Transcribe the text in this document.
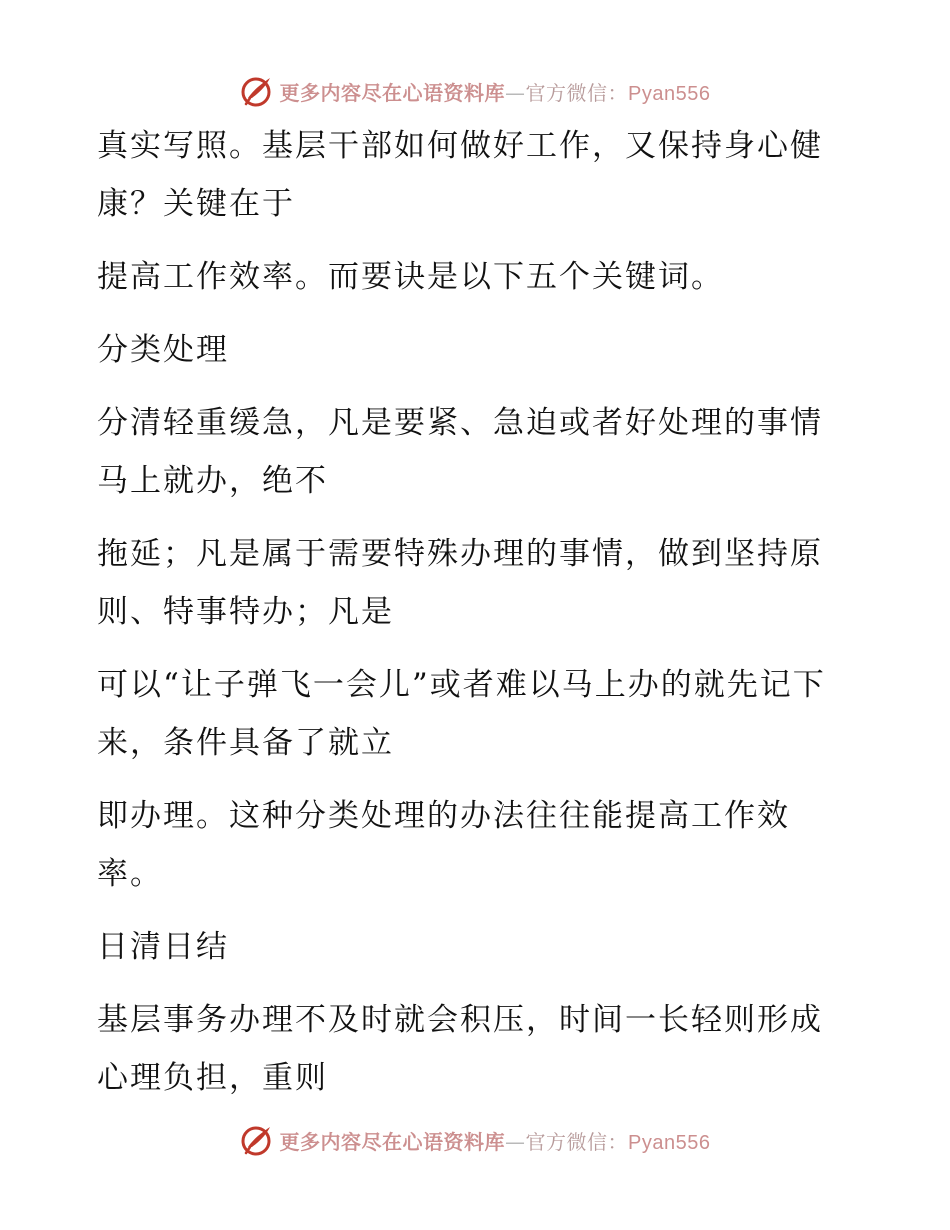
更多内容尽在心语资料库—官方微信：Pyan556

真实写照。基层干部如何做好工作，又保持身心健康？关键在于

提高工作效率。而要诀是以下五个关键词。

分类处理

分清轻重缓急，凡是要紧、急迫或者好处理的事情马上就办，绝不

拖延；凡是属于需要特殊办理的事情，做到坚持原则、特事特办；凡是

可以“让子弹飞一会儿”或者难以马上办的就先记下来，条件具备了就立

即办理。这种分类处理的办法往往能提高工作效率。

日清日结

基层事务办理不及时就会积压，时间一长轻则形成心理负担，重则

更多内容尽在心语资料库—官方微信：Pyan556
